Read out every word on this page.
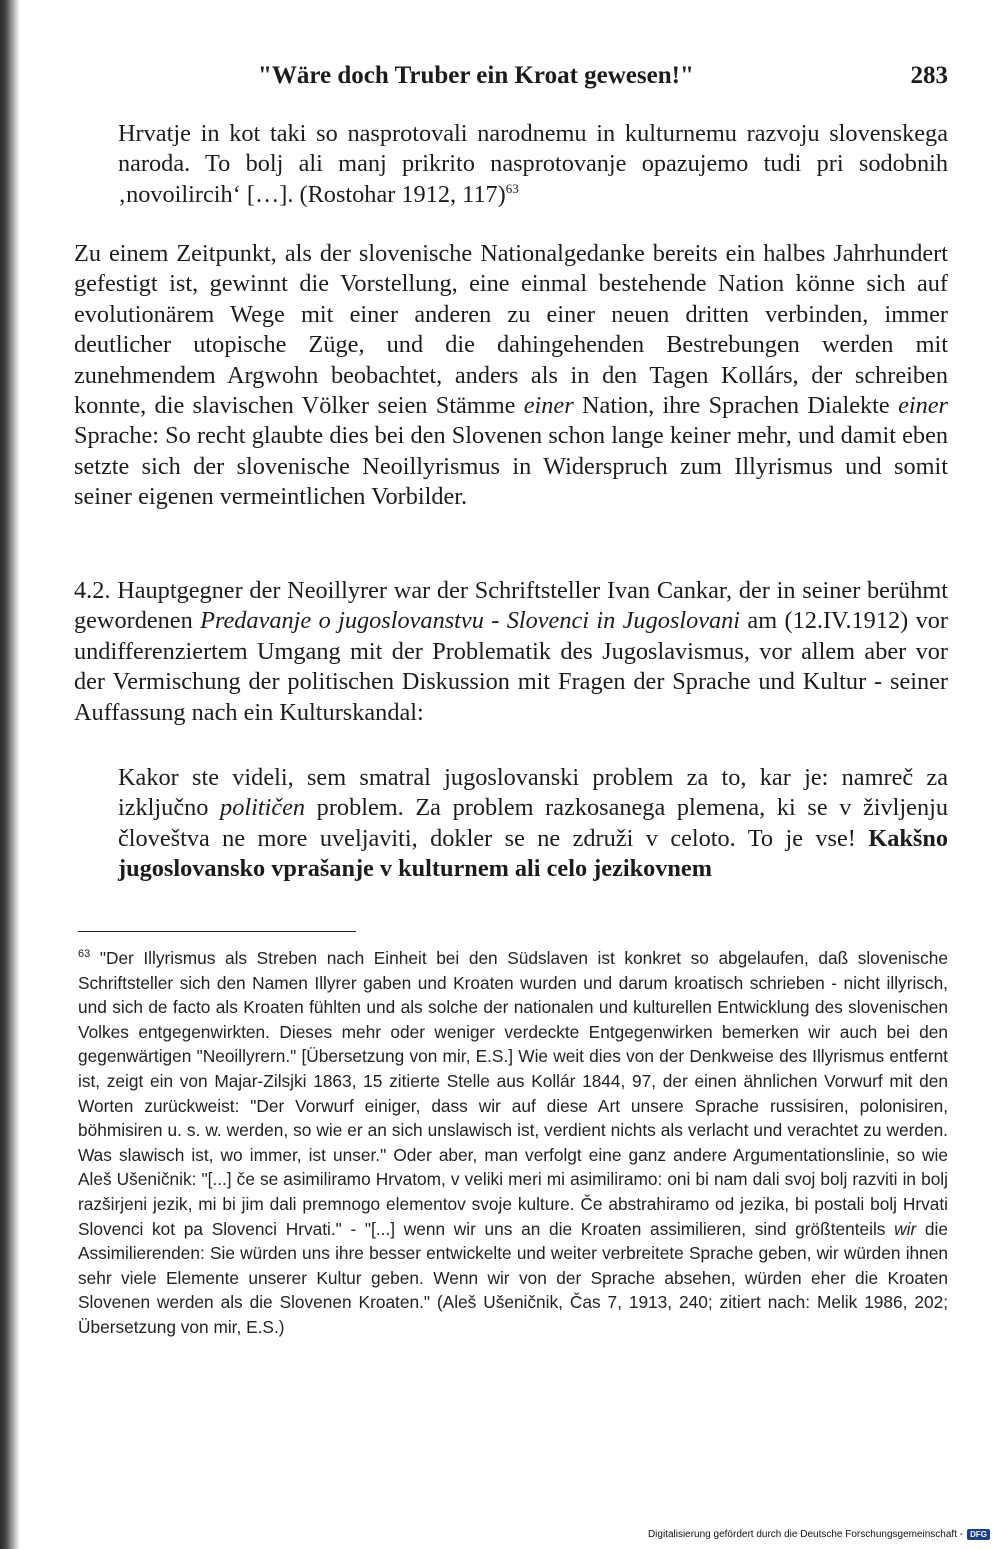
"Wäre doch Truber ein Kroat gewesen!"	283

Hrvatje in kot taki so nasprotovali narodnemu in kulturnemu razvoju slovenskega naroda. To bolj ali manj prikrito nasprotovanje opazujemo tudi pri sodobnih ‚novoilircih‘ […]. (Rostohar 1912, 117)$^{63}$

Zu einem Zeitpunkt, als der slovenische Nationalgedanke bereits ein halbes Jahrhundert gefestigt ist, gewinnt die Vorstellung, eine einmal bestehende Nation könne sich auf evolutionärem Wege mit einer anderen zu einer neuen dritten verbinden, immer deutlicher utopische Züge, und die dahingehenden Bestrebungen werden mit zunehmendem Argwohn beobachtet, anders als in den Tagen Kollárs, der schreiben konnte, die slavischen Völker seien Stämme einer Nation, ihre Sprachen Dialekte einer Sprache: So recht glaubte dies bei den Slovenen schon lange keiner mehr, und damit eben setzte sich der slovenische Neoillyrismus in Widerspruch zum Illyrismus und somit seiner eigenen vermeintlichen Vorbilder.

4.2. Hauptgegner der Neoillyrer war der Schriftsteller Ivan Cankar, der in seiner berühmt gewordenen Predavanje o jugoslovanstvu - Slovenci in Jugoslovani am (12.IV.1912) vor undifferenziertem Umgang mit der Problematik des Jugoslavismus, vor allem aber vor der Vermischung der politischen Diskussion mit Fragen der Sprache und Kultur - seiner Auffassung nach ein Kulturskandal:

Kakor ste videli, sem smatral jugoslovanski problem za to, kar je: namreč za izključno političen problem. Za problem razkosanega plemena, ki se v življenju človeštva ne more uveljaviti, dokler se ne združi v celoto. To je vse! Kakšno jugoslovansko vprašanje v kulturnem ali celo jezikovnem

$^{63}$ "Der Illyrismus als Streben nach Einheit bei den Südslaven ist konkret so abgelaufen, daß slovenische Schriftsteller sich den Namen Illyrer gaben und Kroaten wurden und darum kroatisch schrieben - nicht illyrisch, und sich de facto als Kroaten fühlten und als solche der nationalen und kulturellen Entwicklung des slovenischen Volkes entgegenwirkten. Dieses mehr oder weniger verdeckte Entgegenwirken bemerken wir auch bei den gegenwärtigen "Neoillyrern." [Übersetzung von mir, E.S.] Wie weit dies von der Denkweise des Illyrismus entfernt ist, zeigt ein von Majar-Zilsjki 1863, 15 zitierte Stelle aus Kollár 1844, 97, der einen ähnlichen Vorwurf mit den Worten zurückweist: "Der Vorwurf einiger, dass wir auf diese Art unsere Sprache russisiren, polonisiren, böhmisiren u. s. w. werden, so wie er an sich unslawisch ist, verdient nichts als verlacht und verachtet zu werden. Was slawisch ist, wo immer, ist unser." Oder aber, man verfolgt eine ganz andere Argumentationslinie, so wie Aleš Ušeničnik: "[...] če se asimiliramo Hrvatom, v veliki meri mi asimiliramo: oni bi nam dali svoj bolj razviti in bolj razširjeni jezik, mi bi jim dali premnogo elementov svoje kulture. Če abstrahiramo od jezika, bi postali bolj Hrvati Slovenci kot pa Slovenci Hrvati." - "[...] wenn wir uns an die Kroaten assimilieren, sind größtenteils wir die Assimilierenden: Sie würden uns ihre besser entwickelte und weiter verbreitete Sprache geben, wir würden ihnen sehr viele Elemente unserer Kultur geben. Wenn wir von der Sprache absehen, würden eher die Kroaten Slovenen werden als die Slovenen Kroaten." (Aleš Ušeničnik, Čas 7, 1913, 240; zitiert nach: Melik 1986, 202; Übersetzung von mir, E.S.)

Digitalisierung gefördert durch die Deutsche Forschungsgemeinschaft - DFG
